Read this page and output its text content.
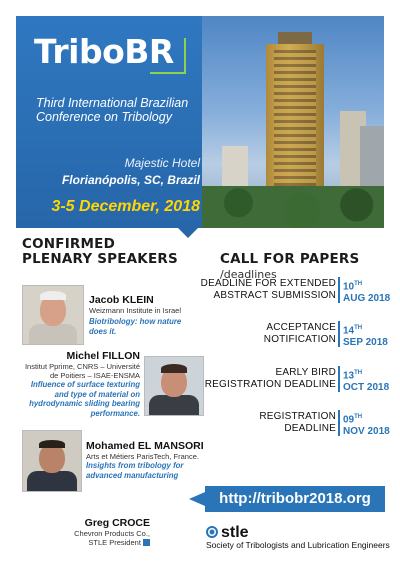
TriboBR
Third International Brazilian
Conference on Tribology
Majestic Hotel
Florianópolis, SC, Brazil
3-5 December, 2018
CONFIRMED
PLENARY SPEAKERS
Jacob KLEIN
Weizmann Institute in Israel
Biotribology: how nature
does it.
Michel FILLON
Institut Pprime, CNRS – Université
de Poitiers – ISAE-ENSMA
Influence of surface texturing
and type of material on
hydrodynamic sliding bearing
performance.
Mohamed EL MANSORI
Arts et Métiers ParisTech, France.
Insights from tribology for
advanced manufacturing
Greg CROCE
Chevron Products Co.,
STLE President
CALL FOR PAPERS /deadlines
DEADLINE FOR EXTENDED
ABSTRACT SUBMISSION
10TH
AUG 2018
ACCEPTANCE
NOTIFICATION
14TH
SEP 2018
EARLY BIRD
REGISTRATION DEADLINE
13TH
OCT 2018
REGISTRATION
DEADLINE
09TH
NOV 2018
http://tribobr2018.org
stle
Society of Tribologists and Lubrication Engineers
